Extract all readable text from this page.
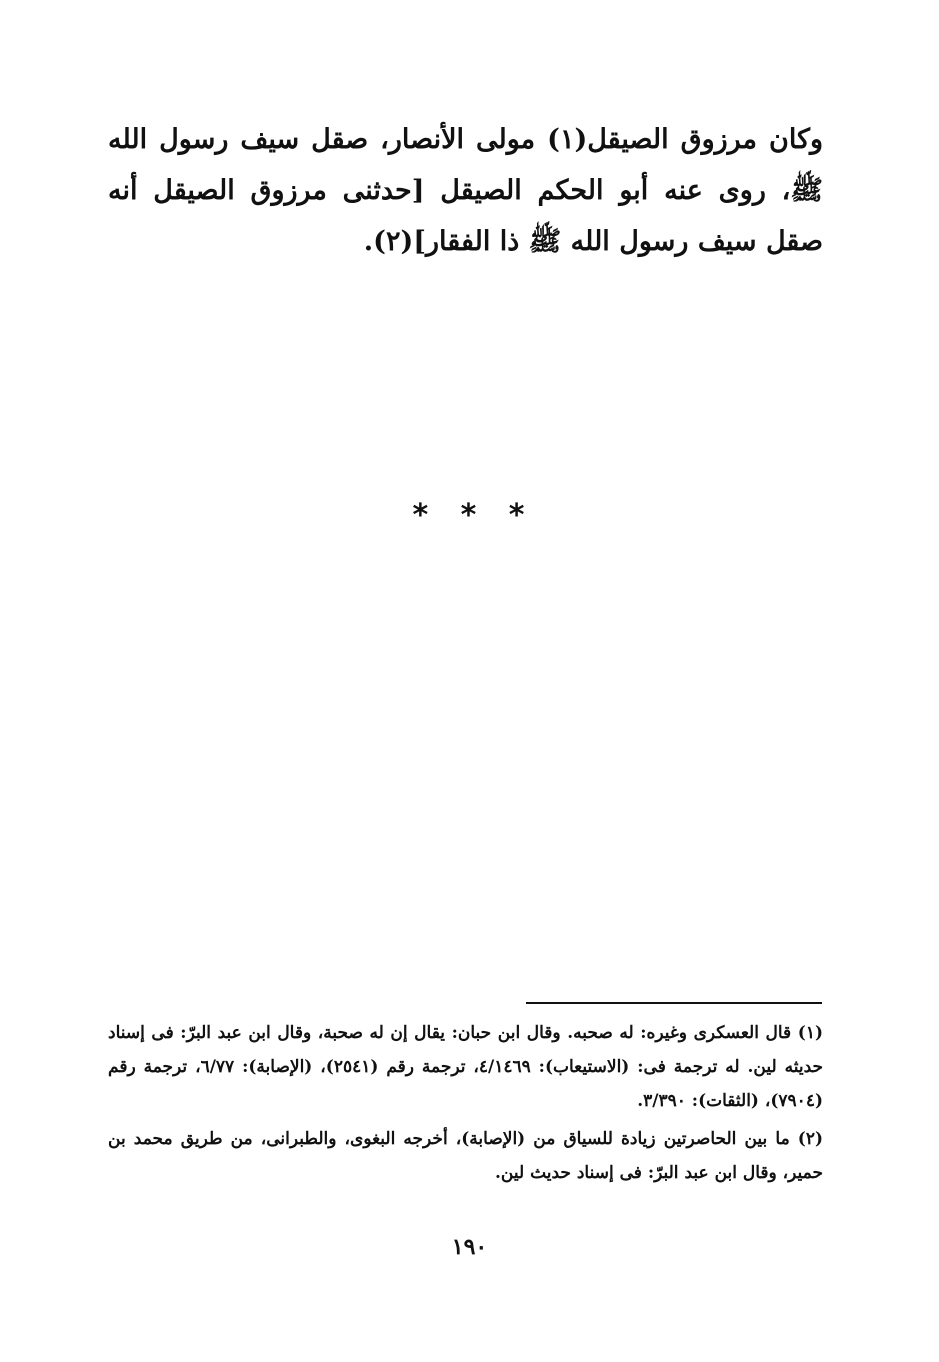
وكان مرزوق الصيقل(١) مولى الأنصار، صقل سيف رسول الله ﷺ، روى عنه أبو الحكم الصيقل [حدثنى مرزوق الصيقل أنه صقل سيف رسول الله ﷺ ذا الفقار](٢).

* * *

(١) قال العسكرى وغيره: له صحبه. وقال ابن حبان: يقال إن له صحبة، وقال ابن عبد البرّ: فى إسناد حديثه لين. له ترجمة فى: (الاستيعاب): ٤/١٤٦٩، ترجمة رقم (٢٥٤١)، (الإصابة): ٦/٧٧، ترجمة رقم (٧٩٠٤)، (الثقات): ٣/٣٩٠.

(٢) ما بين الحاصرتين زيادة للسياق من (الإصابة)، أخرجه البغوى، والطبرانى، من طريق محمد بن حمير، وقال ابن عبد البرّ: فى إسناد حديث لين.

١٩٠
